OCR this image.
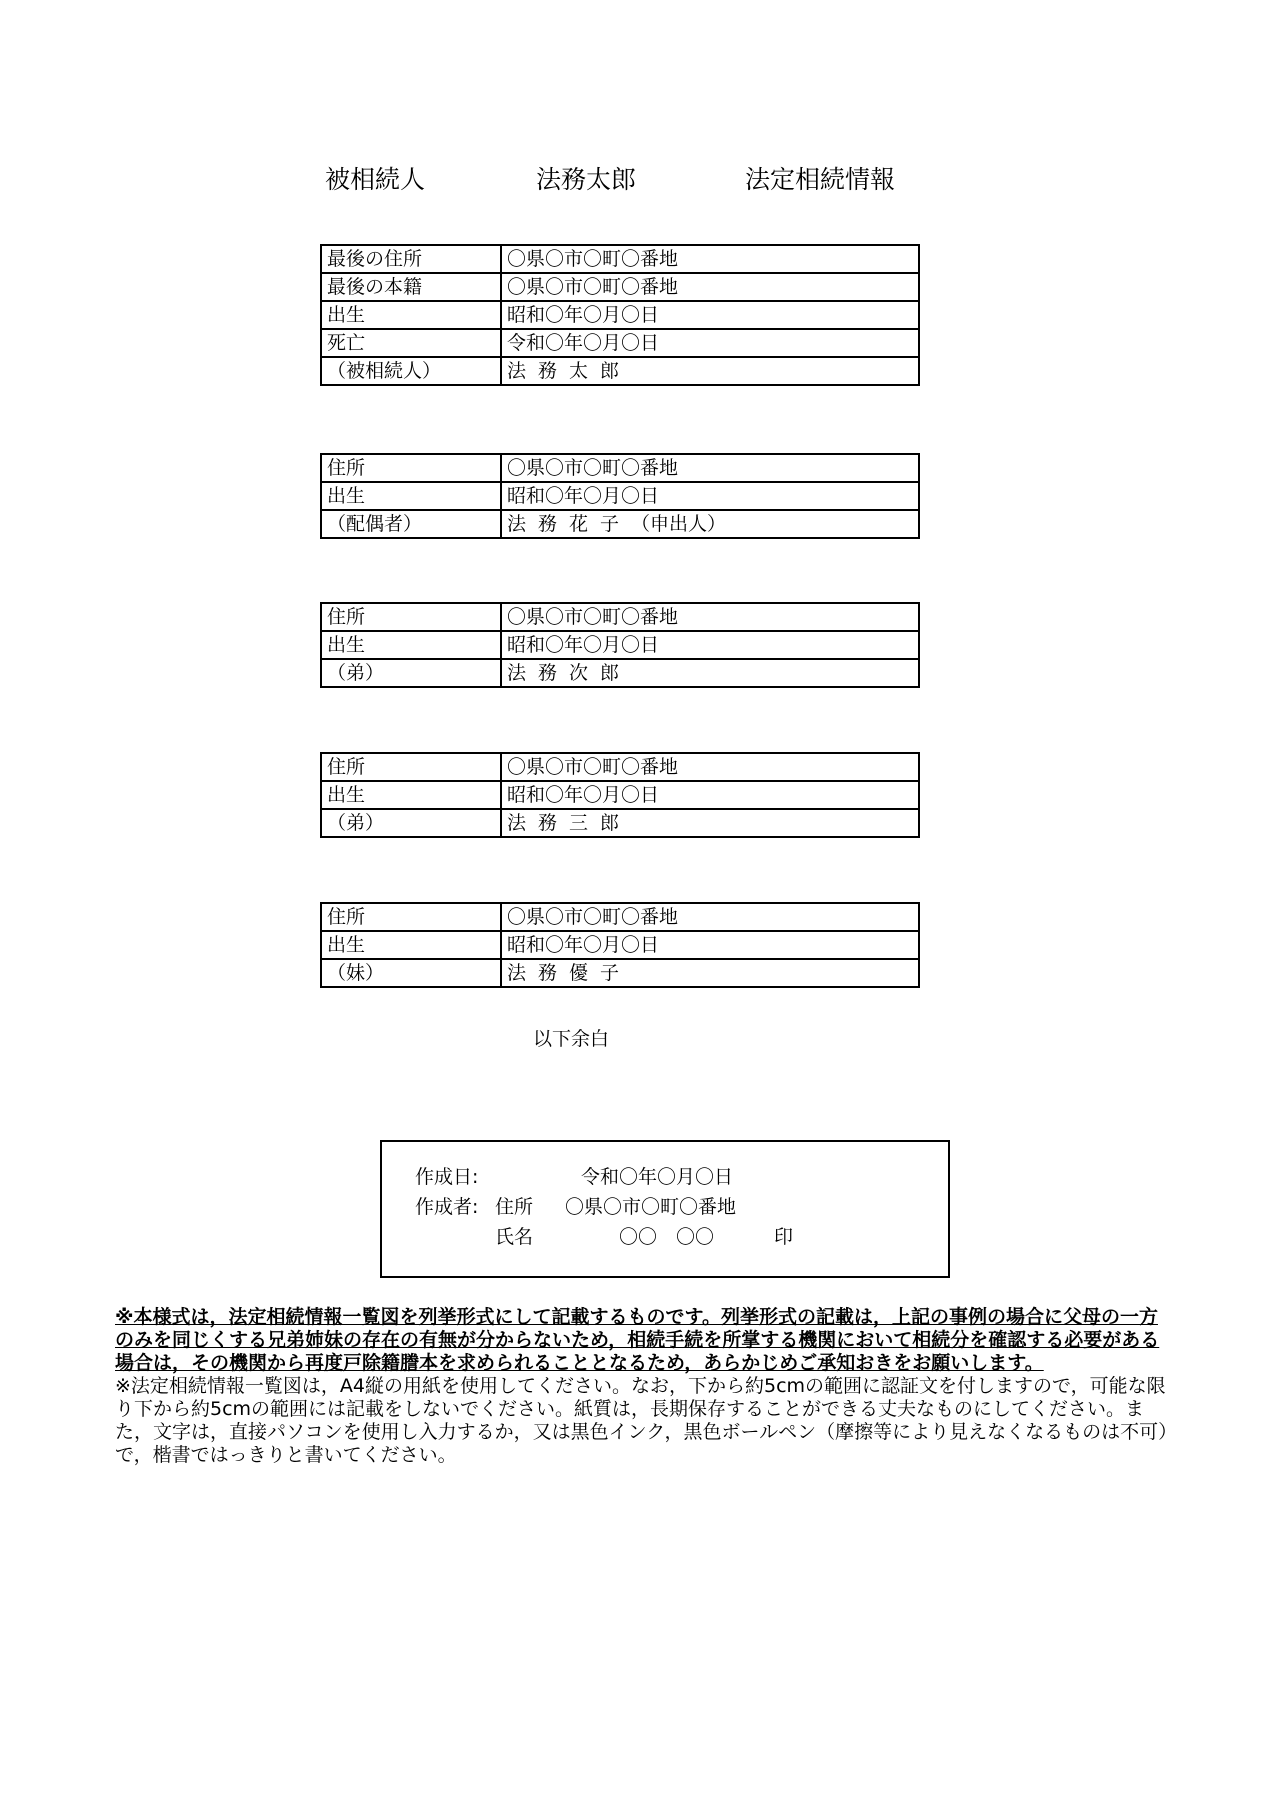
被相続人	法務太郎	法定相続情報
最後の住所	〇県〇市〇町〇番地
最後の本籍	〇県〇市〇町〇番地
出生	昭和〇年〇月〇日
死亡	令和〇年〇月〇日
（被相続人）	法務太郎
住所	〇県〇市〇町〇番地
出生	昭和〇年〇月〇日
（配偶者）	法務花子（申出人）
住所	〇県〇市〇町〇番地
出生	昭和〇年〇月〇日
（弟）	法務次郎
住所	〇県〇市〇町〇番地
出生	昭和〇年〇月〇日
（弟）	法務三郎
住所	〇県〇市〇町〇番地
出生	昭和〇年〇月〇日
（妹）	法務優子
以下余白
作成日:	令和〇年〇月〇日
作成者: 住所 〇県〇市〇町〇番地
氏名	〇〇　〇〇	印

※本様式は，法定相続情報一覧図を列挙形式にして記載するものです。列挙形式の記載は，上記の事例の場合に父母の一方のみを同じくする兄弟姉妹の存在の有無が分からないため，相続手続を所掌する機関において相続分を確認する必要がある場合は，その機関から再度戸除籍謄本を求められることとなるため，あらかじめご承知おきをお願いします。

※法定相続情報一覧図は，A4縦の用紙を使用してください。なお，下から約5cmの範囲に認証文を付しますので，可能な限り下から約5cmの範囲には記載をしないでください。紙質は，長期保存することができる丈夫なものにしてください。また，文字は，直接パソコンを使用し入力するか，又は黒色インク，黒色ボールペン（摩擦等により見えなくなるものは不可）で，楷書ではっきりと書いてください。
